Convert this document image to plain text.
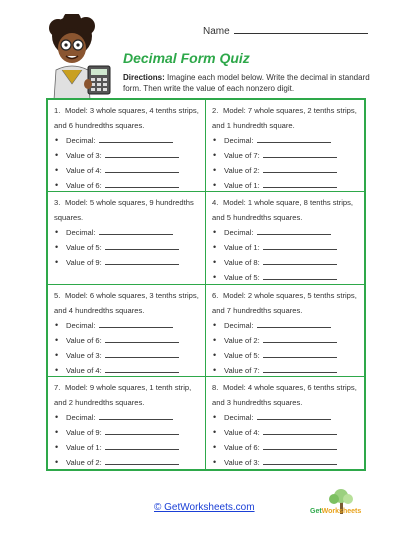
Name
Decimal Form Quiz
Directions: Imagine each model below. Write the decimal in standard form. Then write the value of each nonzero digit.
1. Model: 3 whole squares, 4 tenths strips, and 6 hundredths squares.
•	Decimal:
•	Value of 3:
•	Value of 4:
•	Value of 6:
2. Model: 7 whole squares, 2 tenths strips, and 1 hundredth square.
•	Decimal:
•	Value of 7:
•	Value of 2:
•	Value of 1:
3. Model: 5 whole squares, 9 hundredths squares.
•	Decimal:
•	Value of 5:
•	Value of 9:
4. Model: 1 whole square, 8 tenths strips, and 5 hundredths squares.
•	Decimal:
•	Value of 1:
•	Value of 8:
•	Value of 5:
5. Model: 6 whole squares, 3 tenths strips, and 4 hundredths squares.
•	Decimal:
•	Value of 6:
•	Value of 3:
•	Value of 4:
6. Model: 2 whole squares, 5 tenths strips, and 7 hundredths squares.
•	Decimal:
•	Value of 2:
•	Value of 5:
•	Value of 7:
7. Model: 9 whole squares, 1 tenth strip, and 2 hundredths squares.
•	Decimal:
•	Value of 9:
•	Value of 1:
•	Value of 2:
8. Model: 4 whole squares, 6 tenths strips, and 3 hundredths squares.
•	Decimal:
•	Value of 4:
•	Value of 6:
•	Value of 3:
© GetWorksheets.com	GetWorksheets
